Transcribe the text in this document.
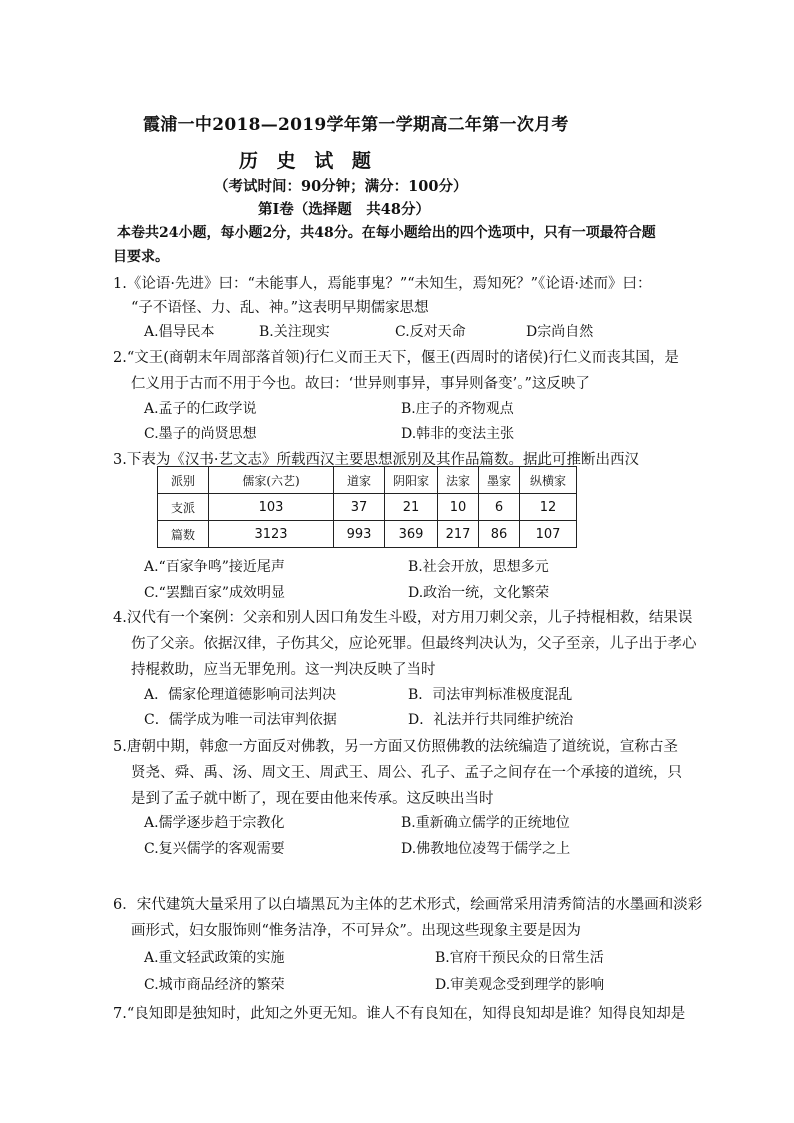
霞浦一中2018—2019学年第一学期高二年第一次月考
历 史 试 题
（考试时间：90分钟；满分：100分）
第Ⅰ卷（选择题　共48分）
本卷共24小题，每小题2分，共48分。在每小题给出的四个选项中，只有一项最符合题
目要求。
1.《论语·先进》曰：“未能事人，焉能事鬼？”“未知生，焉知死？”《论语·述而》曰：
“子不语怪、力、乱、神。”这表明早期儒家思想
A.倡导民本	B.关注现实	C.反对天命	D宗尚自然
2.“文王(商朝末年周部落首领)行仁义而王天下，偃王(西周时的诸侯)行仁义而丧其国，是
仁义用于古而不用于今也。故曰：‘世异则事异，事异则备变’。”这反映了
A.孟子的仁政学说	B.庄子的齐物观点
C.墨子的尚贤思想	D.韩非的变法主张
3.下表为《汉书·艺文志》所载西汉主要思想派别及其作品篇数。据此可推断出西汉
派别	儒家(六艺)	道家	阴阳家	法家	墨家	纵横家
支派	103	37	21	10	6	12
篇数	3123	993	369	217	86	107
A.“百家争鸣”接近尾声	B.社会开放，思想多元
C.“罢黜百家”成效明显	D.政治一统，文化繁荣
4.汉代有一个案例：父亲和别人因口角发生斗殴，对方用刀刺父亲，儿子持棍相救，结果误
伤了父亲。依据汉律，子伤其父，应论死罪。但最终判决认为，父子至亲，儿子出于孝心
持棍救助，应当无罪免刑。这一判决反映了当时
A．儒家伦理道德影响司法判决	B．司法审判标准极度混乱
C．儒学成为唯一司法审判依据	D．礼法并行共同维护统治
5.唐朝中期，韩愈一方面反对佛教，另一方面又仿照佛教的法统编造了道统说，宣称古圣
贤尧、舜、禹、汤、周文王、周武王、周公、孔子、孟子之间存在一个承接的道统，只
是到了孟子就中断了，现在要由他来传承。这反映出当时
A.儒学逐步趋于宗教化	B.重新确立儒学的正统地位
C.复兴儒学的客观需要	D.佛教地位凌驾于儒学之上
6．宋代建筑大量采用了以白墙黑瓦为主体的艺术形式，绘画常采用清秀简洁的水墨画和淡彩
画形式，妇女服饰则“惟务洁净，不可异众”。出现这些现象主要是因为
A.重文轻武政策的实施	B.官府干预民众的日常生活
C.城市商品经济的繁荣	D.审美观念受到理学的影响
7.“良知即是独知时，此知之外更无知。谁人不有良知在，知得良知却是谁？知得良知却是
